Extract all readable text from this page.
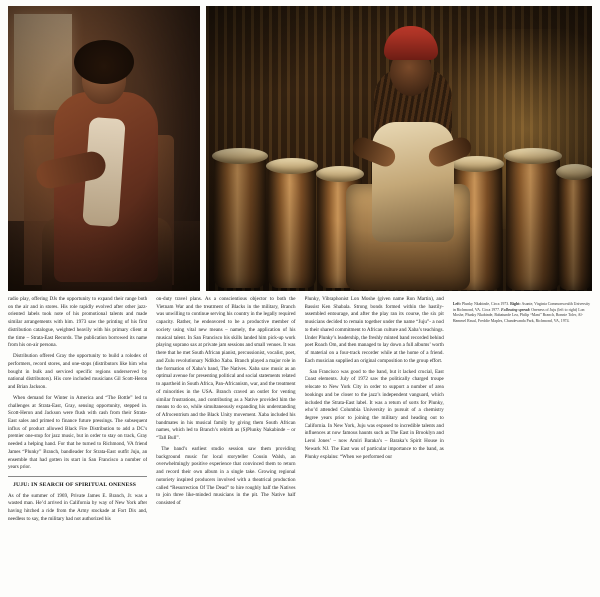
radio play, offering DJs the opportunity to expand their range both on the air and in stores. His role rapidly evolved after other jazz-oriented labels took note of his promotional talents and made similar arrangements with him. 1973 saw the printing of his first distribution catalogue, weighted heavily with his primary client at the time – Strata-East Records. The publication borrowed its name from his on-air persona.

Distribution offered Gray the opportunity to build a rolodex of performers, record stores, and one-stops (distributors like him who bought in bulk and serviced specific regions underserved by national distributors). His core included musicians Gil Scott-Heron and Brian Jackson.

When demand for Winter in America and “The Bottle” led to challenges at Strata-East, Gray, sensing opportunity, stepped in. Scott-Heron and Jackson were flush with cash from their Strata-East sales and primed to finance future pressings. The subsequent influx of product allowed Black Fire Distribution to add a DC’s premier one-stop for jazz music, but in order to stay on track, Gray needed a helping hand. For that he turned to Richmond, VA friend James “Plunky” Branch, bandleader for Strata-East outfit Juju, an ensemble that had gotten its start in San Francisco a number of years prior.

JUJU: IN SEARCH OF SPIRITUAL ONENESS

As of the summer of 1969, Private James E. Branch, Jr. was a wasted man. He’d arrived in California by way of New York after having hitched a ride from the Army stockade at Fort Dix and, needless to say, the military had not authorized his

on-duty travel plans. As a conscientious objector to both the Vietnam War and the treatment of Blacks in the military, Branch was unwilling to continue serving his country in the legally required capacity. Rather, he endeavored to be a productive member of society using vital new means – namely, the application of his musical talent. In San Francisco his skills landed him pick-up work playing soprano sax at private jam sessions and small venues. It was there that he met South African pianist, percussionist, vocalist, poet, and Zulu revolutionary Ndikho Xaba. Branch played a major role in the formation of Xaba’s band, The Natives. Xaba saw music as an optimal avenue for presenting political and social statements related to apartheid in South Africa, Pan-Africanism, war, and the treatment of minorities in the USA. Branch craved an outlet for venting similar frustrations, and contributing as a Native provided him the means to do so, while simultaneously expanding his understanding of Afrocentrism and the Black Unity movement. Xaba included his bandmates in his musical family by giving them South African names, which led to Branch’s rebirth as (S)Plunky Nakabinde – or “Tall Bull”.

The band’s earliest studio session saw them providing background music for local storyteller Cousin Walsh, an overwhelmingly positive experience that convinced them to return and record their own album in a single take. Growing regional notoriety inspired producers involved with a theatrical production called “Resurrection Of The Dead” to hire roughly half the Natives to join three like-minded musicians in the pit. The Native half consisted of

Plunky, Vibraphonist Lon Moshe (given name Ron Martin), and Bassist Ken Shabala. Strong bonds formed within the hastily-assembled entourage, and after the play ran its course, the six pit musicians decided to remain together under the name “Juju”- a nod to their shared commitment to African culture and Xaba’s teachings. Under Plunky’s leadership, the freshly minted band recorded behind poet Roach Om, and then managed to lay down a full albums’ worth of material on a four-track recorder while at the home of a friend. Each musician supplied an original composition to the group effort.

San Francisco was good to the band, but it lacked crucial, East Coast elements. July of 1972 saw the politically charged troupe relocate to New York City in order to support a number of area bookings and be closer to the jazz’s independent vanguard, which included the Strata-East label. It was a return of sorts for Plunky, who’d attended Columbia University in pursuit of a chemistry degree years prior to joining the military and heading out to California. In New York, Juju was exposed to incredible talents and influences at now famous haunts such as The East in Brooklyn and Leroi Jones’ – now Amiri Baraka’s – Baraka’s Spirit House in Newark NJ. The East was of particular importance to the band, as Plunky explains: “When we performed our

Left: Plunky Nkabinde, Circa 1973. Right: Asante, Virginia Commonwealth University in Richmond, VA. Circa 1977. Following spread: Oneness of Juju (left to right) Lon Moshe, Plunky Nkabinde, Babatunde Lea, Philip “Mani” Branch, Ronnie Toler, Al-Hammel Rasul, Freddie Maples, Chundevanda Park, Richmond, VA, 1974.
